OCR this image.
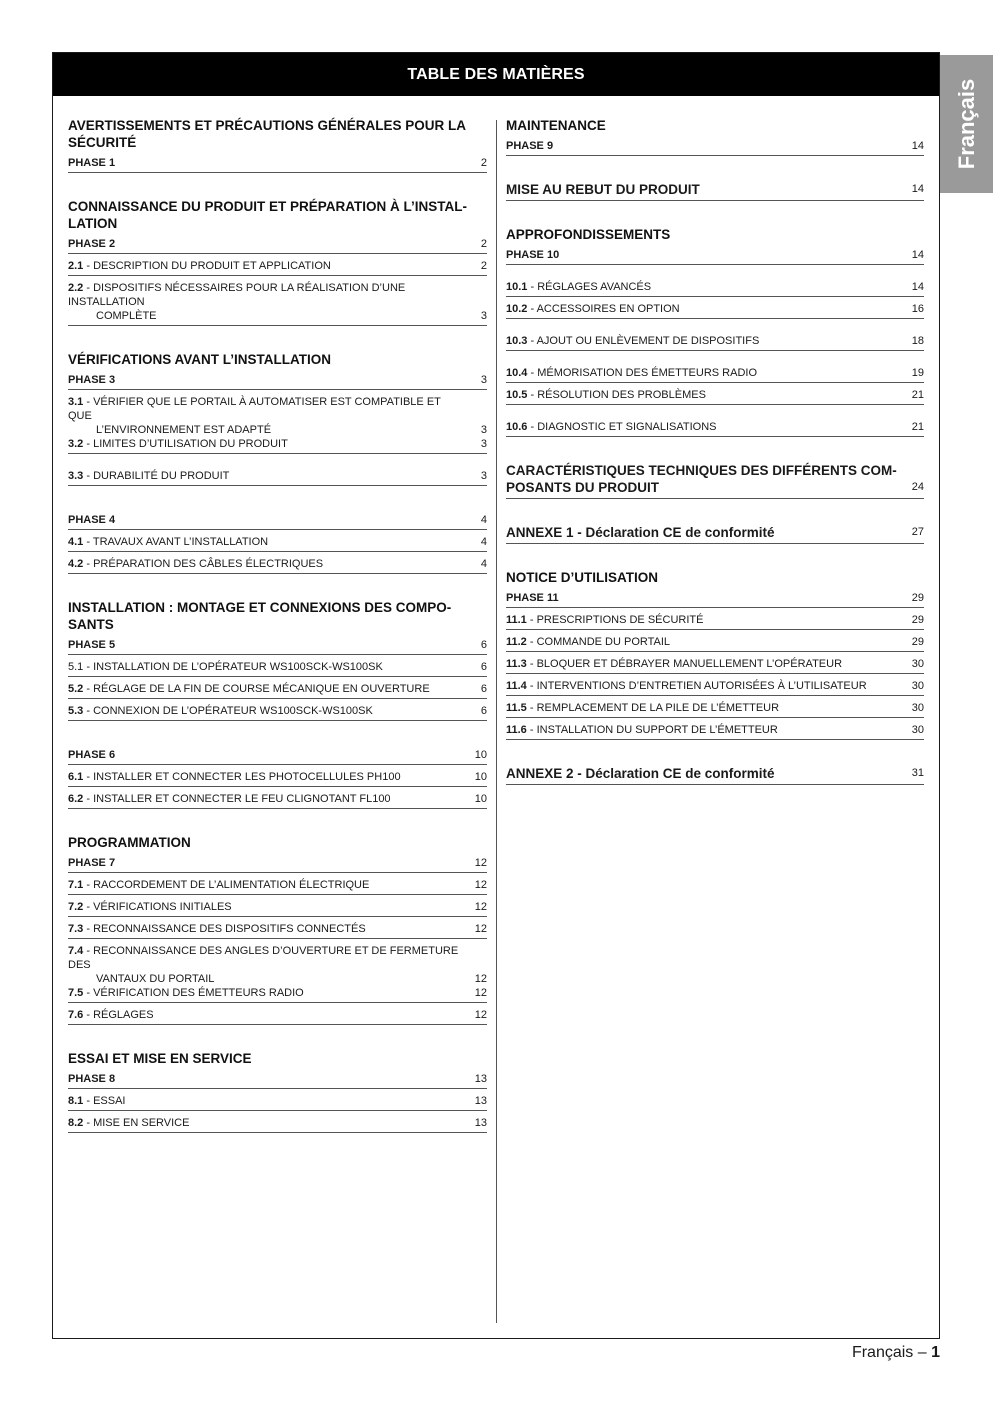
TABLE DES MATIÈRES
AVERTISSEMENTS ET PRÉCAUTIONS GÉNÉRALES POUR LA SÉCURITÉ
PHASE 1	2
CONNAISSANCE DU PRODUIT ET PRÉPARATION À L’INSTAL-LATION
PHASE 2	2
2.1 - DESCRIPTION DU PRODUIT ET APPLICATION	2
2.2 - DISPOSITIFS NÉCESSAIRES POUR LA RÉALISATION D’UNE INSTALLATION
COMPLÈTE	3
VÉRIFICATIONS AVANT L’INSTALLATION
PHASE 3	3
3.1 - VÉRIFIER QUE LE PORTAIL À AUTOMATISER EST COMPATIBLE ET QUE
L’ENVIRONNEMENT EST ADAPTÉ	3
3.2 - LIMITES D’UTILISATION DU PRODUIT	3
3.3 - DURABILITÉ DU PRODUIT	3
PHASE 4	4
4.1 - TRAVAUX AVANT L’INSTALLATION	4
4.2 - PRÉPARATION DES CÂBLES ÉLECTRIQUES	4
INSTALLATION : MONTAGE ET CONNEXIONS DES COMPO-SANTS
PHASE 5	6
5.1 - INSTALLATION DE L’OPÉRATEUR WS100SCK-WS100SK	6
5.2 - RÉGLAGE DE LA FIN DE COURSE MÉCANIQUE EN OUVERTURE	6
5.3 - CONNEXION DE L’OPÉRATEUR WS100SCK-WS100SK	6
PHASE 6	10
6.1 - INSTALLER ET CONNECTER LES PHOTOCELLULES PH100	10
6.2 - INSTALLER ET CONNECTER LE FEU CLIGNOTANT FL100	10
PROGRAMMATION
PHASE 7	12
7.1 - RACCORDEMENT DE L’ALIMENTATION ÉLECTRIQUE	12
7.2 - VÉRIFICATIONS INITIALES	12
7.3 - RECONNAISSANCE DES DISPOSITIFS CONNECTÉS	12
7.4 - RECONNAISSANCE DES ANGLES D’OUVERTURE ET DE FERMETURE DES
VANTAUX DU PORTAIL	12
7.5 - VÉRIFICATION DES ÉMETTEURS RADIO	12
7.6 - RÉGLAGES	12
ESSAI ET MISE EN SERVICE
PHASE 8	13
8.1 - ESSAI	13
8.2 - MISE EN SERVICE	13
MAINTENANCE
PHASE 9	14
MISE AU REBUT DU PRODUIT	14
APPROFONDISSEMENTS
PHASE 10	14
10.1 - RÉGLAGES AVANCÉS	14
10.2 - ACCESSOIRES EN OPTION	16
10.3 - AJOUT OU ENLÈVEMENT DE DISPOSITIFS	18
10.4 - MÉMORISATION DES ÉMETTEURS RADIO	19
10.5 - RÉSOLUTION DES PROBLÈMES	21
10.6 - DIAGNOSTIC ET SIGNALISATIONS	21
CARACTÉRISTIQUES TECHNIQUES DES DIFFÉRENTS COM-POSANTS DU PRODUIT	24
ANNEXE 1 - Déclaration CE de conformité	27
NOTICE D’UTILISATION
PHASE 11	29
11.1 - PRESCRIPTIONS DE SÉCURITÉ	29
11.2 - COMMANDE DU PORTAIL	29
11.3 - BLOQUER ET DÉBRAYER MANUELLEMENT L’OPÉRATEUR	30
11.4 - INTERVENTIONS D’ENTRETIEN AUTORISÉES À L’UTILISATEUR	30
11.5 - REMPLACEMENT DE LA PILE DE L’ÉMETTEUR	30
11.6 - INSTALLATION DU SUPPORT DE L’ÉMETTEUR	30
ANNEXE 2 - Déclaration CE de conformité	31
Français
Français – 1
